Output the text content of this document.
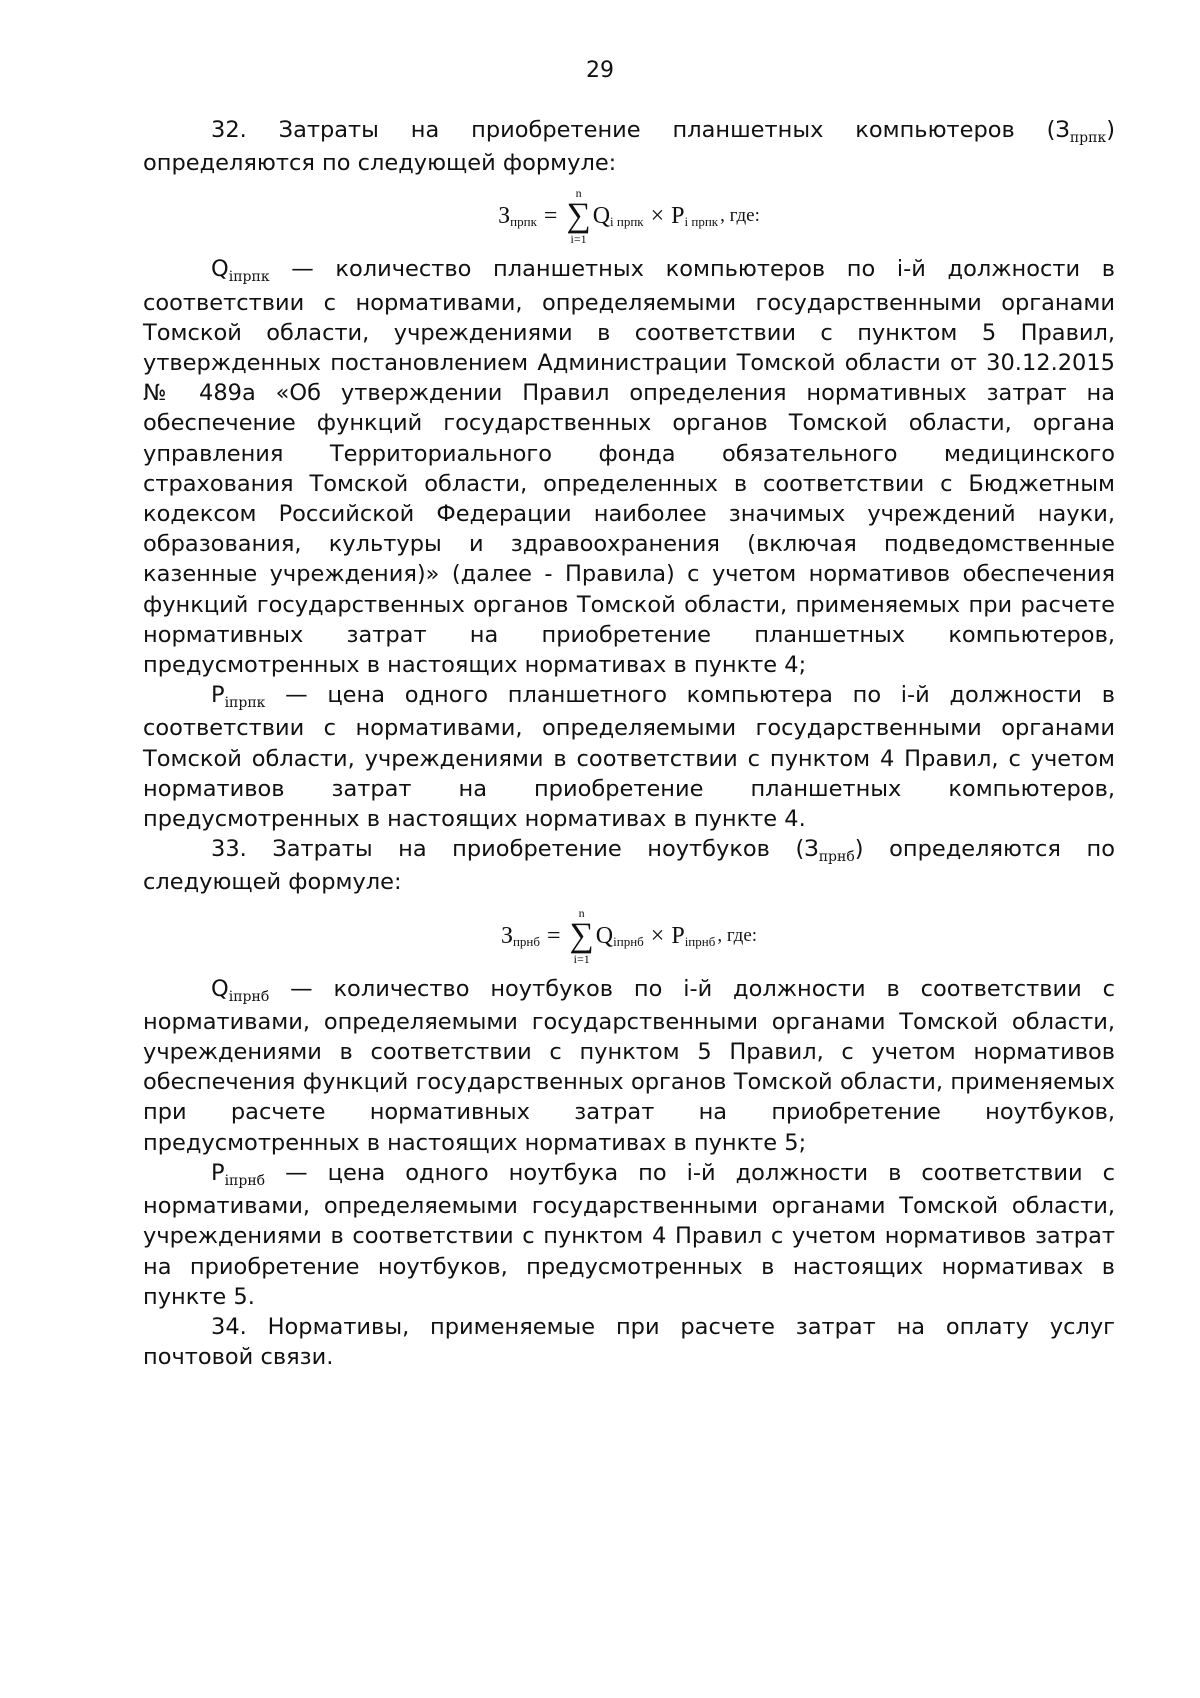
29

32. Затраты на приобретение планшетных компьютеров $(З_{прпк})$ определяются по следующей формуле:

З прпк =
n
∑
i=1
Q i прпк × P i прпк , где:

$Q_{iпрпк}$ — количество планшетных компьютеров по i-й должности в соответствии с нормативами, определяемыми государственными органами Томской области, учреждениями в соответствии с пунктом 5 Правил, утвержденных постановлением Администрации Томской области от 30.12.2015 № 489а «Об утверждении Правил определения нормативных затрат на обеспечение функций государственных органов Томской области, органа управления Территориального фонда обязательного медицинского страхования Томской области, определенных в соответствии с Бюджетным кодексом Российской Федерации наиболее значимых учреждений науки, образования, культуры и здравоохранения (включая подведомственные казенные учреждения)» (далее - Правила) с учетом нормативов обеспечения функций государственных органов Томской области, применяемых при расчете нормативных затрат на приобретение планшетных компьютеров, предусмотренных в настоящих нормативах в пункте 4;

$P_{iпрпк}$ — цена одного планшетного компьютера по i-й должности в соответствии с нормативами, определяемыми государственными органами Томской области, учреждениями в соответствии с пунктом 4 Правил, с учетом нормативов затрат на приобретение планшетных компьютеров, предусмотренных в настоящих нормативах в пункте 4.

33. Затраты на приобретение ноутбуков $(З_{прнб})$ определяются по следующей формуле:

З прнб =
n
∑
i=1
Q iпрнб × P iпрнб , где:

$Q_{iпрнб}$ — количество ноутбуков по i-й должности в соответствии с нормативами, определяемыми государственными органами Томской области, учреждениями в соответствии с пунктом 5 Правил, с учетом нормативов обеспечения функций государственных органов Томской области, применяемых при расчете нормативных затрат на приобретение ноутбуков, предусмотренных в настоящих нормативах в пункте 5;

$P_{iпрнб}$ — цена одного ноутбука по i-й должности в соответствии с нормативами, определяемыми государственными органами Томской области, учреждениями в соответствии с пунктом 4 Правил с учетом нормативов затрат на приобретение ноутбуков, предусмотренных в настоящих нормативах в пункте 5.

34. Нормативы, применяемые при расчете затрат на оплату услуг почтовой связи.
